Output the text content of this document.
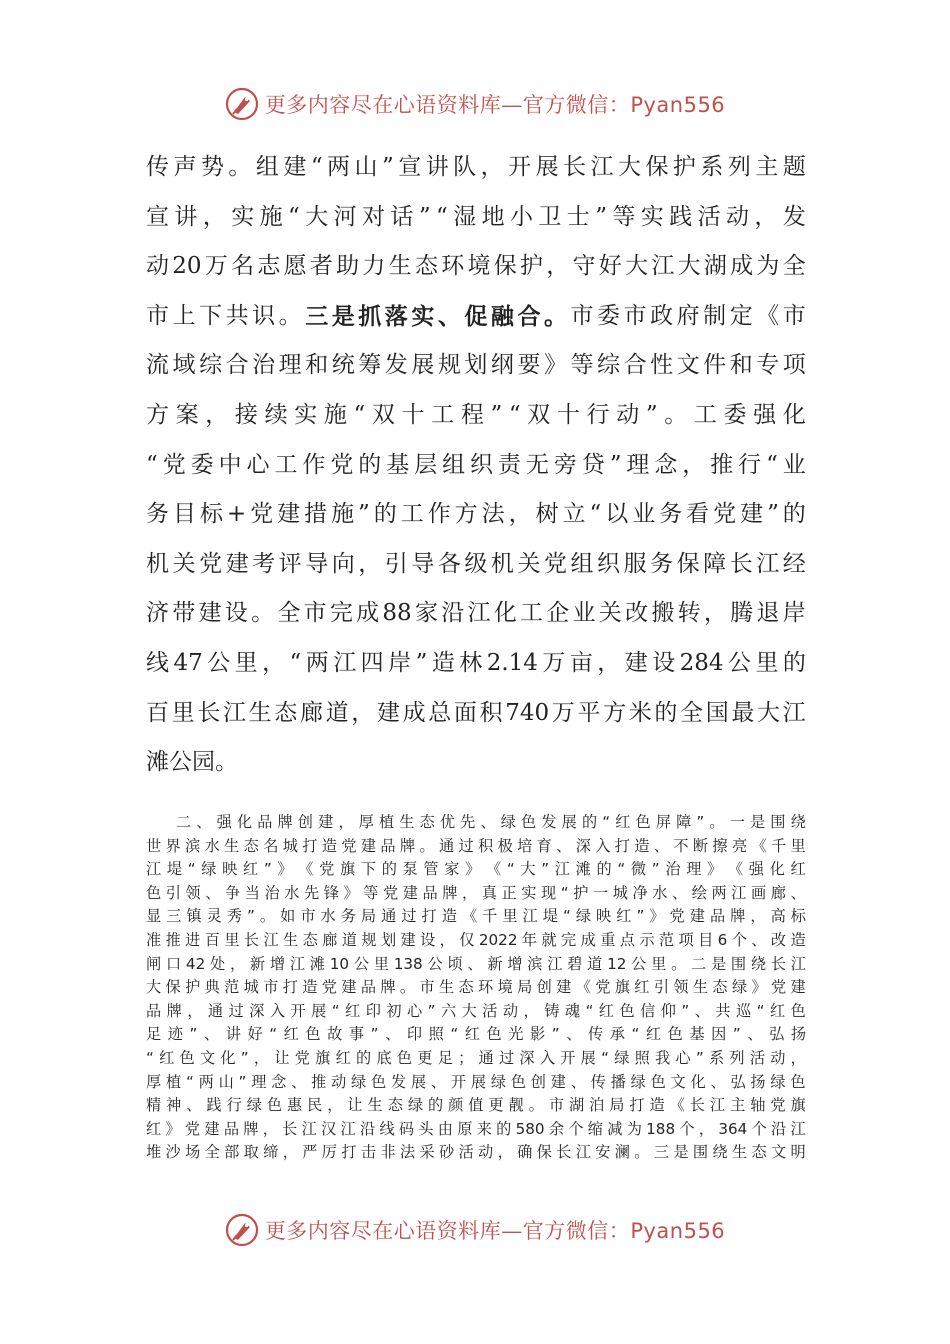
更多内容尽在心语资料库—官方微信：Pyan556
传 声 势 。 组 建 “ 两 山 ” 宣 讲 队 ， 开 展 长 江 大 保 护 系 列 主 题
宣 讲 ， 实 施 “ 大 河 对 话 ” “ 湿 地 小 卫 士 ” 等 实 践 活 动 ， 发
动 20 万 名 志 愿 者 助 力 生 态 环 境 保 护 ， 守 好 大 江 大 湖 成 为 全
市 上 下 共 识 。 三 是 抓 落 实 、 促 融 合 。 市 委 市 政 府 制 定 《 市
流 域 综 合 治 理 和 统 筹 发 展 规 划 纲 要 》 等 综 合 性 文 件 和 专 项
方 案 ， 接 续 实 施 “ 双 十 工 程 ” “ 双 十 行 动 ” 。 工 委 强 化
“ 党 委 中 心 工 作 党 的 基 层 组 织 责 无 旁 贷 ” 理 念 ， 推 行 “ 业
务 目 标 + 党 建 措 施 ” 的 工 作 方 法 ， 树 立 “ 以 业 务 看 党 建 ” 的
机 关 党 建 考 评 导 向 ， 引 导 各 级 机 关 党 组 织 服 务 保 障 长 江 经
济 带 建 设 。 全 市 完 成 88 家 沿 江 化 工 企 业 关 改 搬 转 ， 腾 退 岸
线 47 公 里 ， “ 两 江 四 岸 ” 造 林 2.14 万 亩 ， 建 设 284 公 里 的
百 里 长 江 生 态 廊 道 ， 建 成 总 面 积 740 万 平 方 米 的 全 国 最 大 江
滩公园。
二 、 强 化 品 牌 创 建 ， 厚 植 生 态 优 先 、 绿 色 发 展 的 “ 红 色 屏 障 ” 。 一 是 围 绕
世 界 滨 水 生 态 名 城 打 造 党 建 品 牌 。 通 过 积 极 培 育 、 深 入 打 造 、 不 断 擦 亮 《 千 里
江 堤 “ 绿 映 红 ” 》 《 党 旗 下 的 泵 管 家 》 《 “ 大 ” 江 滩 的 “ 微 ” 治 理 》 《 强 化 红
色 引 领 、 争 当 治 水 先 锋 》 等 党 建 品 牌 ， 真 正 实 现 “ 护 一 城 净 水 、 绘 两 江 画 廊 、
显 三 镇 灵 秀 ” 。 如 市 水 务 局 通 过 打 造 《 千 里 江 堤 “ 绿 映 红 ” 》 党 建 品 牌 ， 高 标
准 推 进 百 里 长 江 生 态 廊 道 规 划 建 设 ， 仅 2022 年 就 完 成 重 点 示 范 项 目 6 个 、 改 造
闸 口 42 处 ， 新 增 江 滩 10 公 里 138 公 顷 、 新 增 滨 江 碧 道 12 公 里 。 二 是 围 绕 长 江
大 保 护 典 范 城 市 打 造 党 建 品 牌 。 市 生 态 环 境 局 创 建 《 党 旗 红 引 领 生 态 绿 》 党 建
品 牌 ， 通 过 深 入 开 展 “ 红 印 初 心 ” 六 大 活 动 ， 铸 魂 “ 红 色 信 仰 ” 、 共 巡 “ 红 色
足 迹 ” 、 讲 好 “ 红 色 故 事 ” 、 印 照 “ 红 色 光 影 ” 、 传 承 “ 红 色 基 因 ” 、 弘 扬
“ 红 色 文 化 ” ， 让 党 旗 红 的 底 色 更 足 ； 通 过 深 入 开 展 “ 绿 照 我 心 ” 系 列 活 动 ，
厚 植 “ 两 山 ” 理 念 、 推 动 绿 色 发 展 、 开 展 绿 色 创 建 、 传 播 绿 色 文 化 、 弘 扬 绿 色
精 神 、 践 行 绿 色 惠 民 ， 让 生 态 绿 的 颜 值 更 靓 。 市 湖 泊 局 打 造 《 长 江 主 轴 党 旗
红 》 党 建 品 牌 ， 长 江 汉 江 沿 线 码 头 由 原 来 的 580 余 个 缩 减 为 188 个 ， 364 个 沿 江
堆 沙 场 全 部 取 缔 ， 严 厉 打 击 非 法 采 砂 活 动 ， 确 保 长 江 安 澜 。 三 是 围 绕 生 态 文 明
更多内容尽在心语资料库—官方微信：Pyan556
